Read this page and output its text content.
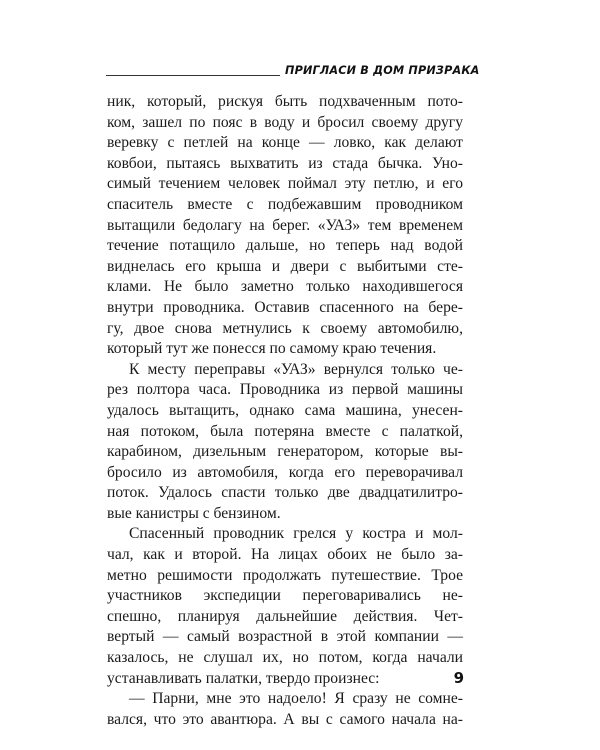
ПРИГЛАСИ В ДОМ ПРИЗРАКА
ник, который, рискуя быть подхваченным пото-
ком, зашел по пояс в воду и бросил своему другу
веревку с петлей на конце — ловко, как делают
ковбои, пытаясь выхватить из стада бычка. Уно-
симый течением человек поймал эту петлю, и его
спаситель вместе с подбежавшим проводником
вытащили бедолагу на берег. «УАЗ» тем временем
течение потащило дальше, но теперь над водой
виднелась его крыша и двери с выбитыми сте-
клами. Не было заметно только находившегося
внутри проводника. Оставив спасенного на бере-
гу, двое снова метнулись к своему автомобилю,
который тут же понесся по самому краю течения.
К месту переправы «УАЗ» вернулся только че-
рез полтора часа. Проводника из первой машины
удалось вытащить, однако сама машина, унесен-
ная потоком, была потеряна вместе с палаткой,
карабином, дизельным генератором, которые вы-
бросило из автомобиля, когда его переворачивал
поток. Удалось спасти только две двадцатилитро-
вые канистры с бензином.
Спасенный проводник грелся у костра и мол-
чал, как и второй. На лицах обоих не было за-
метно решимости продолжать путешествие. Трое
участников экспедиции переговаривались не-
спешно, планируя дальнейшие действия. Чет-
вертый — самый возрастной в этой компании —
казалось, не слушал их, но потом, когда начали
устанавливать палатки, твердо произнес:
— Парни, мне это надоело! Я сразу не сомне-
вался, что это авантюра. А вы с самого начала на-
9
